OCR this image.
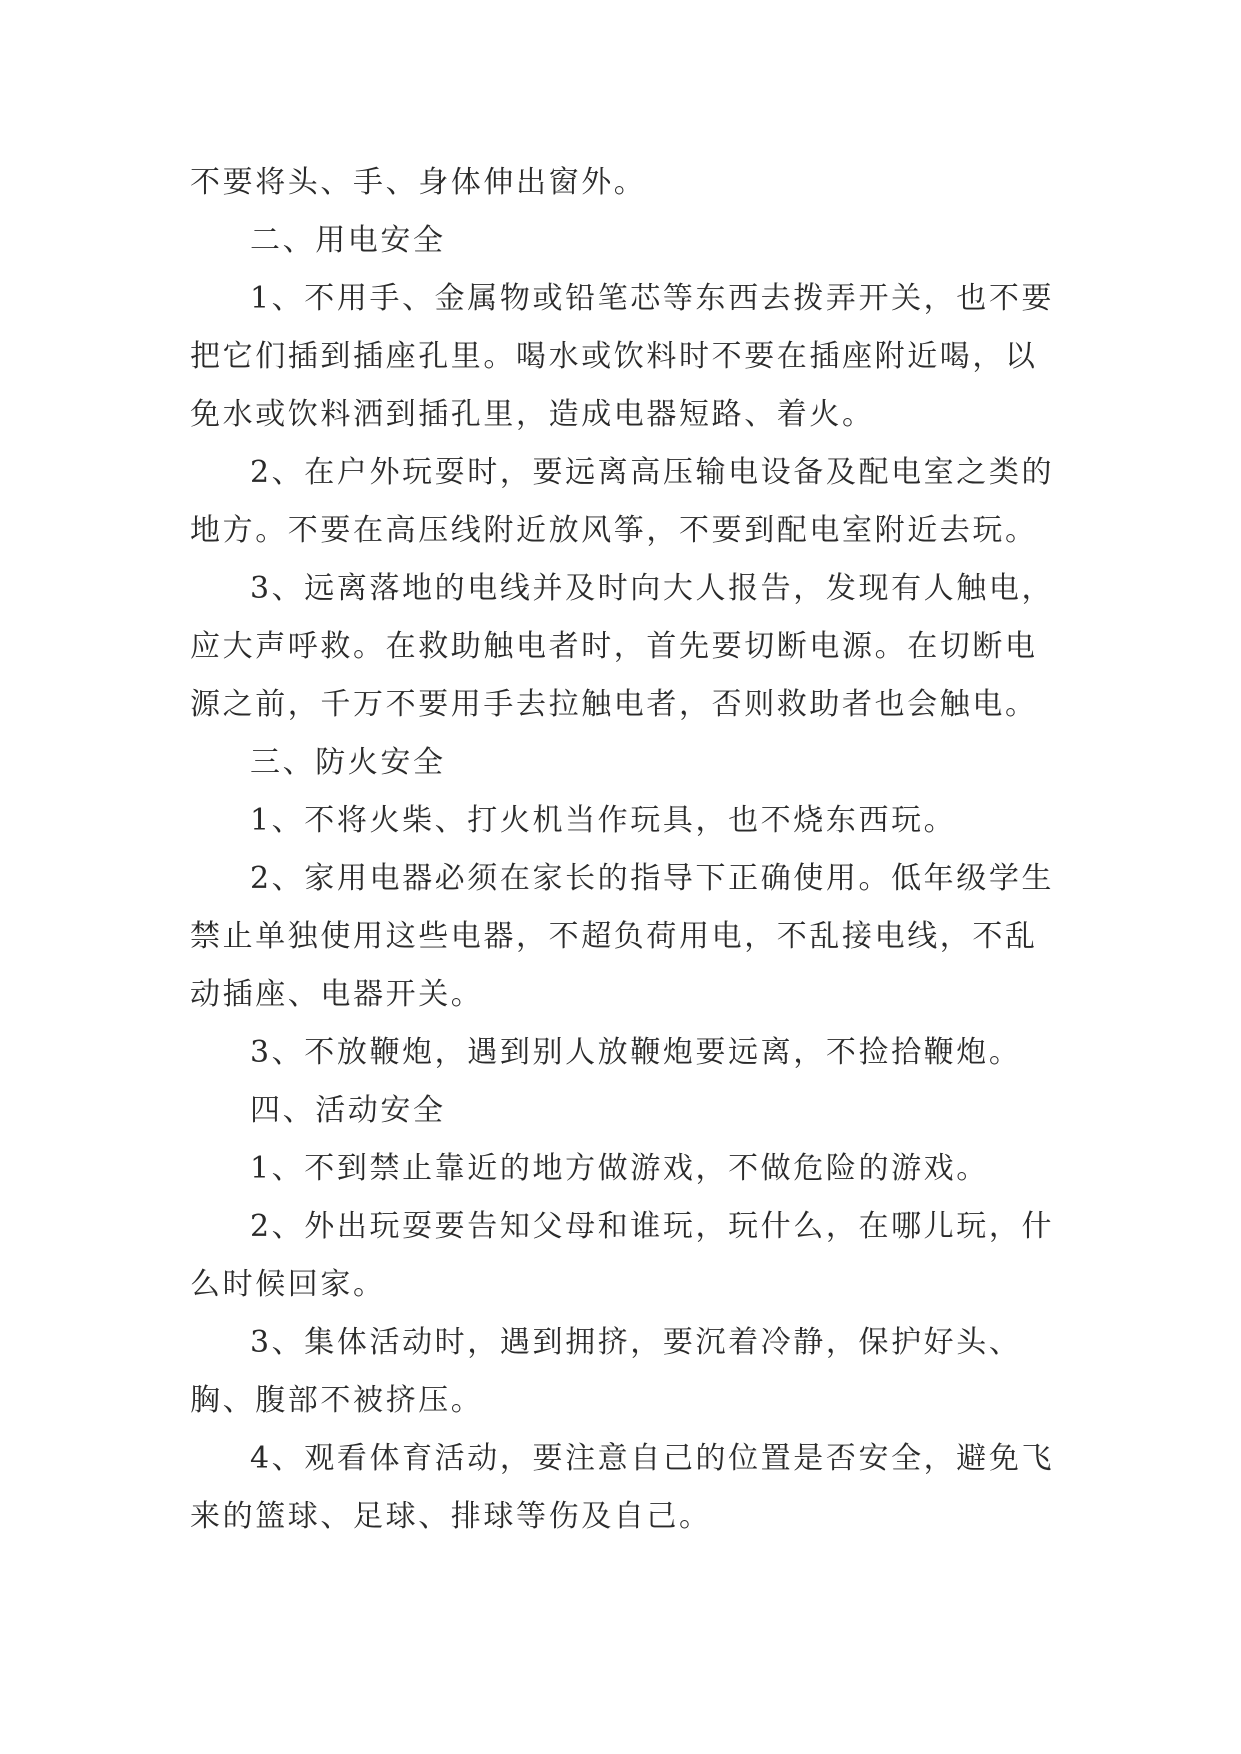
不要将头、手、身体伸出窗外。

二、用电安全

1、不用手、金属物或铅笔芯等东西去拨弄开关，也不要把它们插到插座孔里。喝水或饮料时不要在插座附近喝，以免水或饮料洒到插孔里，造成电器短路、着火。

2、在户外玩耍时，要远离高压输电设备及配电室之类的地方。不要在高压线附近放风筝，不要到配电室附近去玩。

3、远离落地的电线并及时向大人报告，发现有人触电，应大声呼救。在救助触电者时，首先要切断电源。在切断电源之前，千万不要用手去拉触电者，否则救助者也会触电。

三、防火安全

1、不将火柴、打火机当作玩具，也不烧东西玩。

2、家用电器必须在家长的指导下正确使用。低年级学生禁止单独使用这些电器，不超负荷用电，不乱接电线，不乱动插座、电器开关。

3、不放鞭炮，遇到别人放鞭炮要远离，不捡拾鞭炮。

四、活动安全

1、不到禁止靠近的地方做游戏，不做危险的游戏。

2、外出玩耍要告知父母和谁玩，玩什么，在哪儿玩，什么时候回家。

3、集体活动时，遇到拥挤，要沉着冷静，保护好头、胸、腹部不被挤压。

4、观看体育活动，要注意自己的位置是否安全，避免飞来的篮球、足球、排球等伤及自己。
